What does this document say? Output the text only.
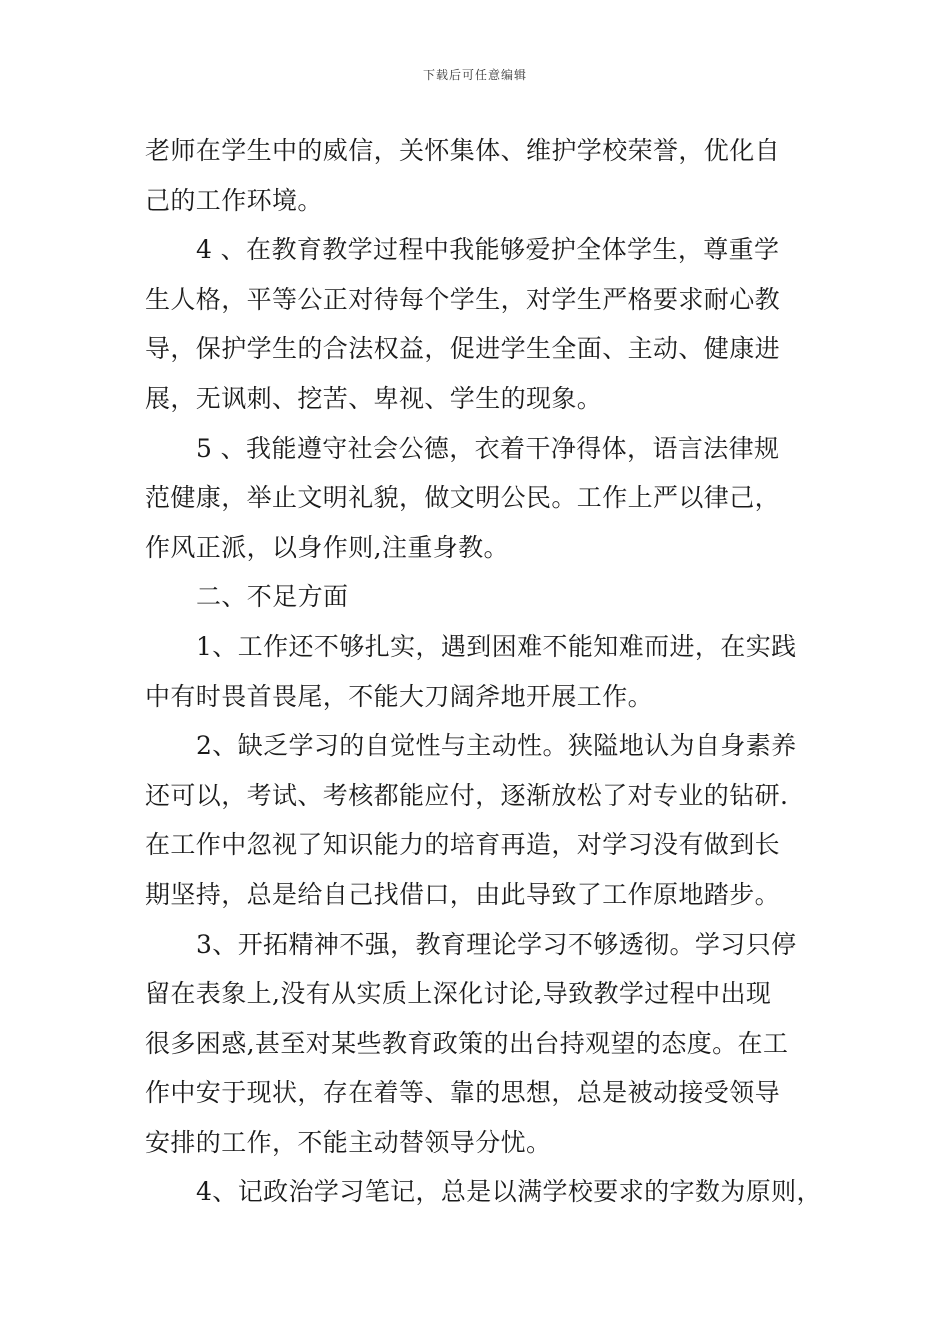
下载后可任意编辑
老师在学生中的威信，关怀集体、维护学校荣誉，优化自
己的工作环境。
4 、在教育教学过程中我能够爱护全体学生，尊重学
生人格，平等公正对待每个学生，对学生严格要求耐心教
导，保护学生的合法权益，促进学生全面、主动、健康进
展，无讽刺、挖苦、卑视、学生的现象。
5 、我能遵守社会公德，衣着干净得体，语言法律规
范健康，举止文明礼貌，做文明公民。工作上严以律己，
作风正派，以身作则,注重身教。
二、不足方面
1、工作还不够扎实，遇到困难不能知难而进，在实践
中有时畏首畏尾，不能大刀阔斧地开展工作。
2、缺乏学习的自觉性与主动性。狭隘地认为自身素养
还可以，考试、考核都能应付，逐渐放松了对专业的钻研.
在工作中忽视了知识能力的培育再造，对学习没有做到长
期坚持，总是给自己找借口，由此导致了工作原地踏步。
3、开拓精神不强，教育理论学习不够透彻。学习只停
留在表象上,没有从实质上深化讨论,导致教学过程中出现
很多困惑,甚至对某些教育政策的出台持观望的态度。在工
作中安于现状，存在着等、靠的思想，总是被动接受领导
安排的工作，不能主动替领导分忧。
4、记政治学习笔记，总是以满学校要求的字数为原则，
